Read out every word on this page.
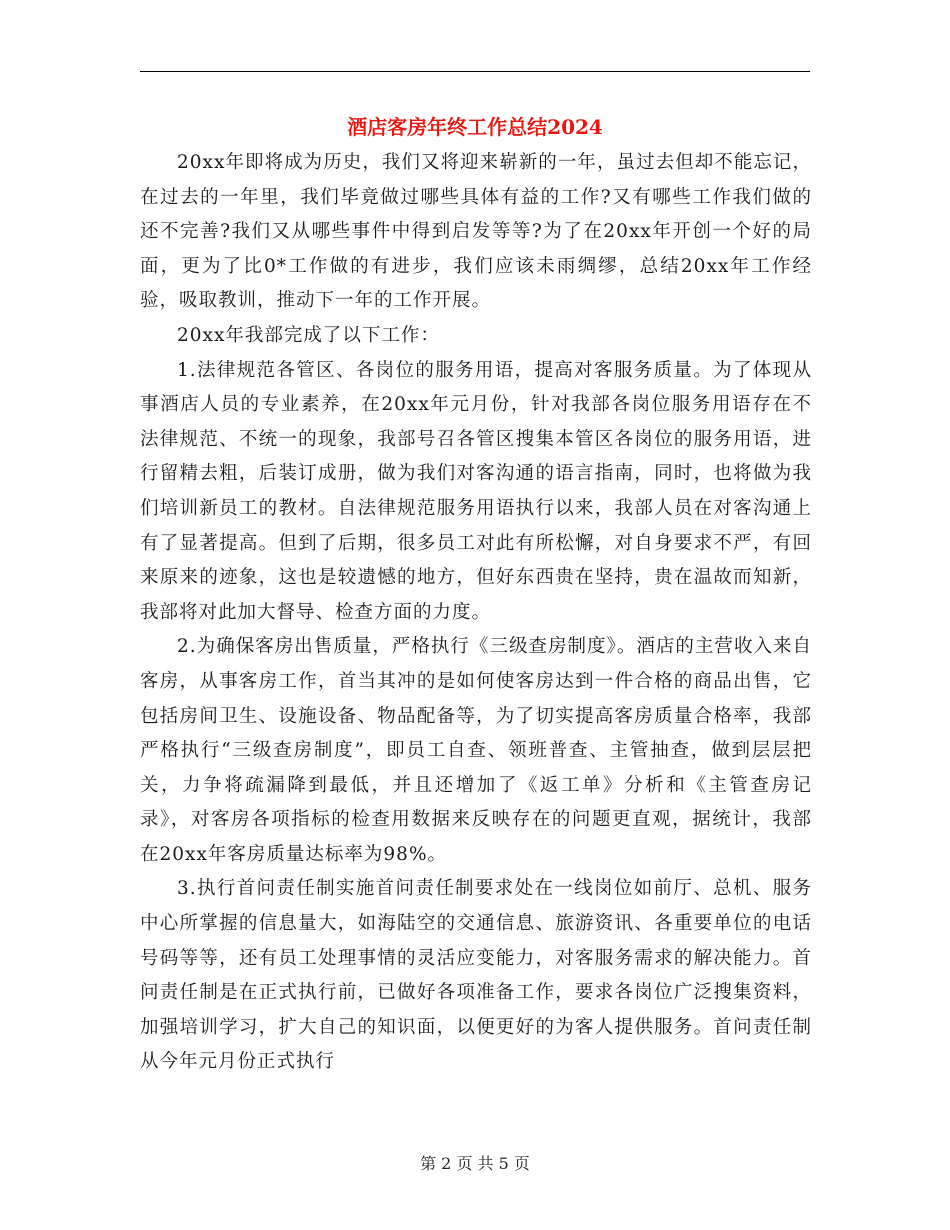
酒店客房年终工作总结2024

20xx年即将成为历史，我们又将迎来崭新的一年，虽过去但却不能忘记，在过去的一年里，我们毕竟做过哪些具体有益的工作?又有哪些工作我们做的还不完善?我们又从哪些事件中得到启发等等?为了在20xx年开创一个好的局面，更为了比0*工作做的有进步，我们应该未雨绸缪，总结20xx年工作经验，吸取教训，推动下一年的工作开展。

20xx年我部完成了以下工作：

1.法律规范各管区、各岗位的服务用语，提高对客服务质量。为了体现从事酒店人员的专业素养，在20xx年元月份，针对我部各岗位服务用语存在不法律规范、不统一的现象，我部号召各管区搜集本管区各岗位的服务用语，进行留精去粗，后装订成册，做为我们对客沟通的语言指南，同时，也将做为我们培训新员工的教材。自法律规范服务用语执行以来，我部人员在对客沟通上有了显著提高。但到了后期，很多员工对此有所松懈，对自身要求不严，有回来原来的迹象，这也是较遗憾的地方，但好东西贵在坚持，贵在温故而知新，我部将对此加大督导、检查方面的力度。

2.为确保客房出售质量，严格执行《三级查房制度》。酒店的主营收入来自客房，从事客房工作，首当其冲的是如何使客房达到一件合格的商品出售，它包括房间卫生、设施设备、物品配备等，为了切实提高客房质量合格率，我部严格执行“三级查房制度”，即员工自查、领班普查、主管抽查，做到层层把关，力争将疏漏降到最低，并且还增加了《返工单》分析和《主管查房记录》，对客房各项指标的检查用数据来反映存在的问题更直观，据统计，我部在20xx年客房质量达标率为98%。

3.执行首问责任制实施首问责任制要求处在一线岗位如前厅、总机、服务中心所掌握的信息量大，如海陆空的交通信息、旅游资讯、各重要单位的电话号码等等，还有员工处理事情的灵活应变能力，对客服务需求的解决能力。首问责任制是在正式执行前，已做好各项准备工作，要求各岗位广泛搜集资料，加强培训学习，扩大自己的知识面，以便更好的为客人提供服务。首问责任制从今年元月份正式执行

第 2 页 共 5 页
